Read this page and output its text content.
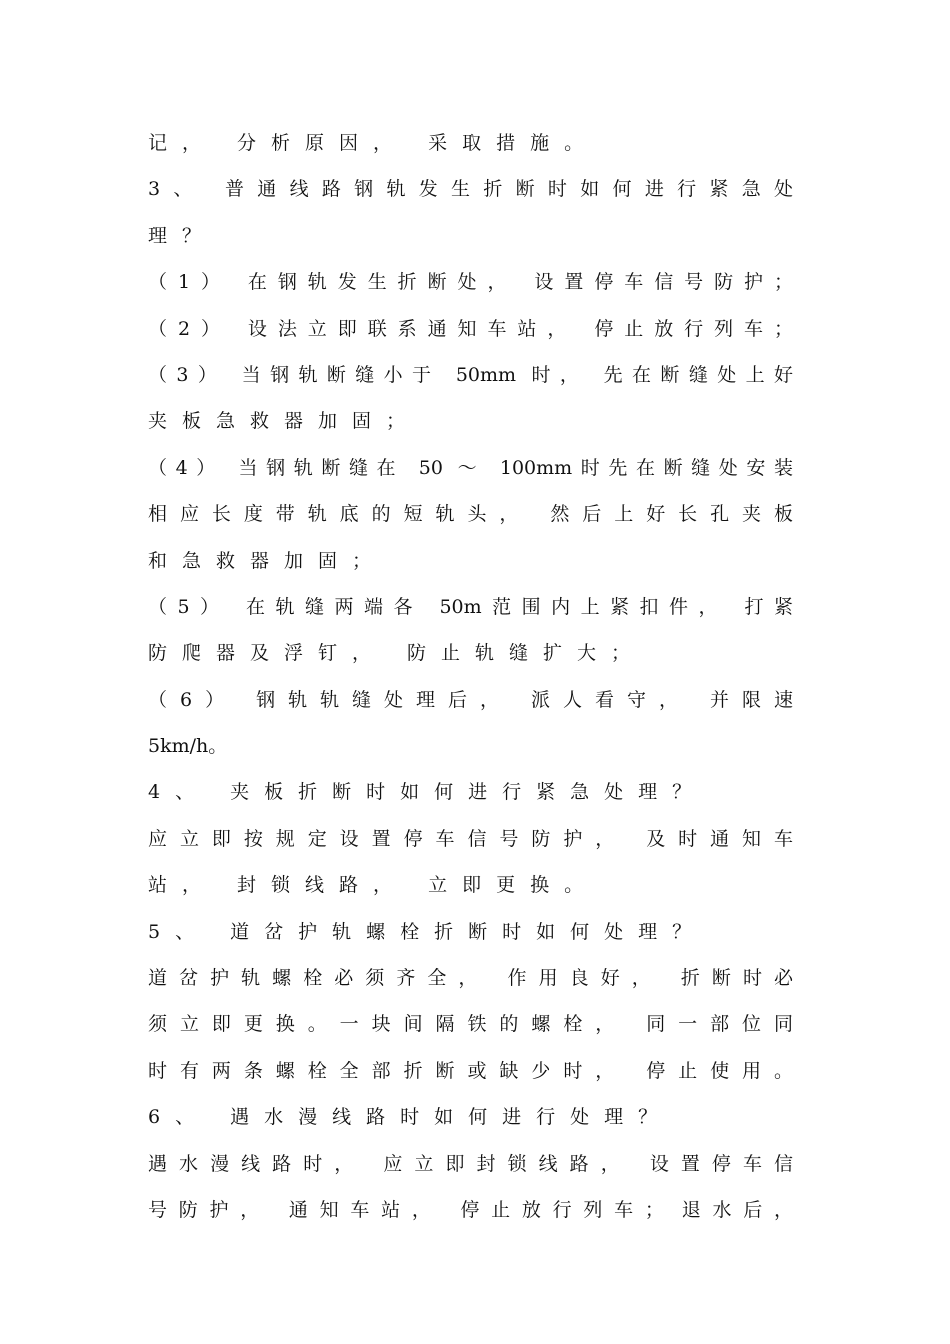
记， 分析原因， 采取措施。
3、 普通线路钢轨发生折断时如何进行紧急处
理？
（1） 在钢轨发生折断处， 设置停车信号防护；
（2） 设法立即联系通知车站， 停止放行列车；
（3） 当钢轨断缝小于 50mm 时， 先在断缝处上好
夹板急救器加固；
（4） 当钢轨断缝在 50 ～ 100mm时先在断缝处安装
相应长度带轨底的短轨头， 然后上好长孔夹板
和急救器加固；
（5） 在轨缝两端各 50m范围内上紧扣件， 打紧
防爬器及浮钉， 防止轨缝扩大；
（6） 钢轨轨缝处理后， 派人看守， 并限速
5km/h。
4、 夹板折断时如何进行紧急处理？
应立即按规定设置停车信号防护， 及时通知车
站， 封锁线路， 立即更换。
5、 道岔护轨螺栓折断时如何处理？
道岔护轨螺栓必须齐全， 作用良好， 折断时必
须立即更换。一块间隔铁的螺栓， 同一部位同
时有两条螺栓全部折断或缺少时， 停止使用。
6、 遇水漫线路时如何进行处理？
遇水漫线路时， 应立即封锁线路， 设置停车信
号防护， 通知车站， 停止放行列车； 退水后，
